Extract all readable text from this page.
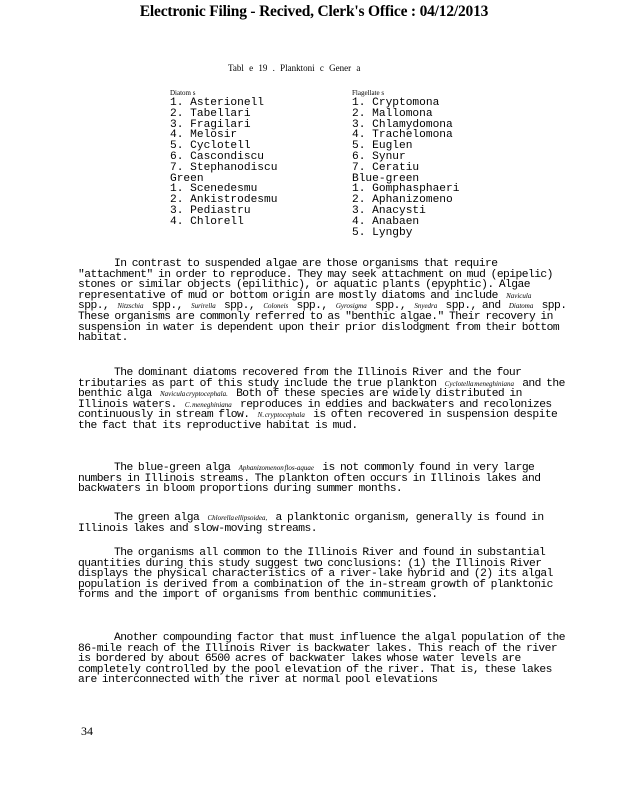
Electronic Filing - Recived, Clerk's Office : 04/12/2013
Tabl e 19 . Planktoni c Gener a
Diatom s
1. Asterionell
2. Tabellari
3. Fragilari
4. Melosir
5. Cyclotell
6. Cascondiscu
7. Stephanodiscu
Green
1. Scenedesmu
2. Ankistrodesmu
3. Pediastru
4. Chlorell
Flagellate s
1. Cryptomona
2. Mallomona
3. Chlamydomona
4. Trachelomona
5. Euglen
6. Synur
7. Ceratiu
Blue-green
1. Gomphasphaeri
2. Aphanizomeno
3. Anacysti
4. Anabaen
5. Lyngby

In contrast to suspended algae are those organisms that require "attachment" in order to reproduce. They may seek attachment on mud (epipelic) stones or similar objects (epilithic), or aquatic plants (epyphtic). Algae representative of mud or bottom origin are mostly diatoms and include Navicula spp., Nitzschia spp., Surirella spp., Coloneis spp., Gyrosigma spp., Snyedra spp., and Diatoma spp. These organisms are commonly referred to as "benthic algae." Their recovery in suspension in water is dependent upon their prior dislodgment from their bottom habitat.

The dominant diatoms recovered from the Illinois River and the four tributaries as part of this study include the true plankton Cyclotella meneghiniana and the benthic alga Navicula cryptocephala. Both of these species are widely distributed in Illinois waters. C. meneghiniana reproduces in eddies and backwaters and recolonizes continuously in stream flow. N. cryptocephala is often recovered in suspension despite the fact that its reproductive habitat is mud.

The blue-green alga Aphanizomenon flos-aquae is not commonly found in very large numbers in Illinois streams. The plankton often occurs in Illinois lakes and backwaters in bloom proportions during summer months.

The green alga Chlorella ellipsoidea, a planktonic organism, generally is found in Illinois lakes and slow-moving streams.

The organisms all common to the Illinois River and found in substantial quantities during this study suggest two conclusions: (1) the Illinois River displays the physical characteristics of a river-lake hybrid and (2) its algal population is derived from a combination of the in-stream growth of planktonic forms and the import of organisms from benthic communities.

Another compounding factor that must influence the algal population of the 86-mile reach of the Illinois River is backwater lakes. This reach of the river is bordered by about 6500 acres of backwater lakes whose water levels are completely controlled by the pool elevation of the river. That is, these lakes are interconnected with the river at normal pool elevations

34
